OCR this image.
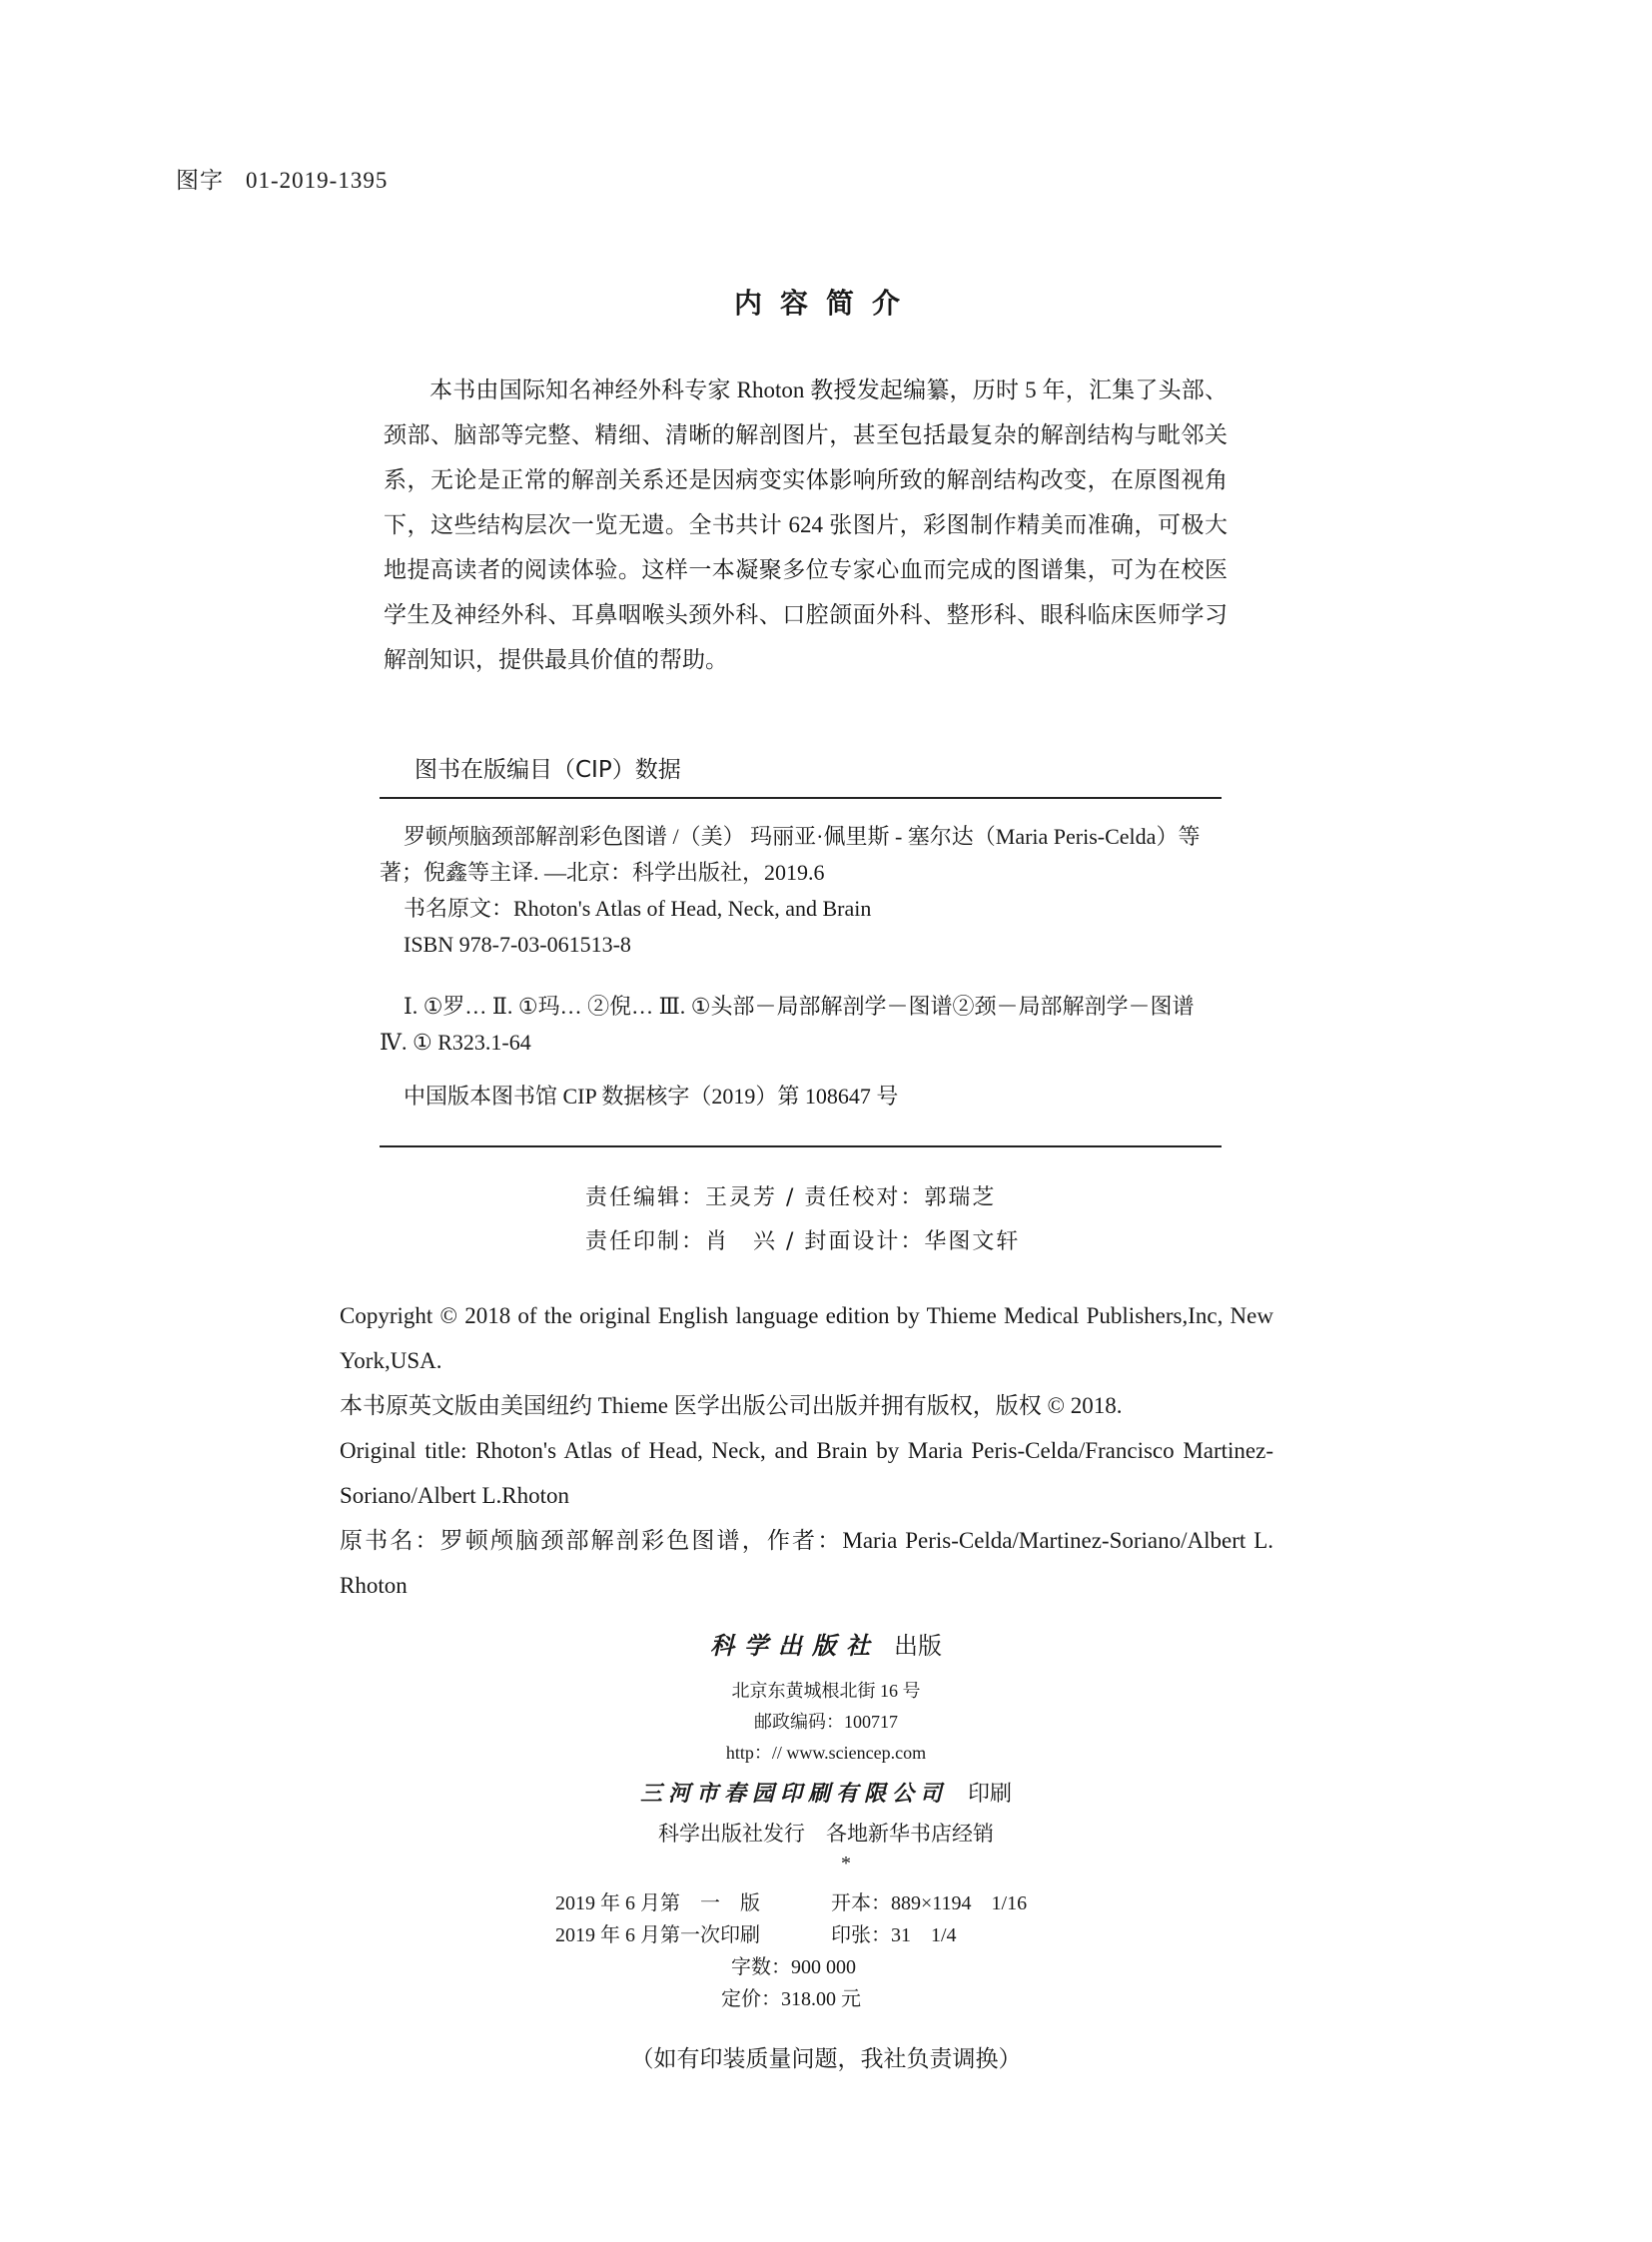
图字 01-2019-1395
内容简介

本书由国际知名神经外科专家 Rhoton 教授发起编纂，历时 5 年，汇集了头部、颈部、脑部等完整、精细、清晰的解剖图片，甚至包括最复杂的解剖结构与毗邻关系，无论是正常的解剖关系还是因病变实体影响所致的解剖结构改变，在原图视角下，这些结构层次一览无遗。全书共计 624 张图片，彩图制作精美而准确，可极大地提高读者的阅读体验。这样一本凝聚多位专家心血而完成的图谱集，可为在校医学生及神经外科、耳鼻咽喉头颈外科、口腔颌面外科、整形科、眼科临床医师学习解剖知识，提供最具价值的帮助。

图书在版编目（CIP）数据

罗顿颅脑颈部解剖彩色图谱 /（美） 玛丽亚·佩里斯 - 塞尔达（Maria Peris-Celda）等著；倪鑫等主译. —北京：科学出版社，2019.6

书名原文：Rhoton's Atlas of Head, Neck, and Brain

ISBN 978-7-03-061513-8

Ⅰ. ①罗… Ⅱ. ①玛… ②倪… Ⅲ. ①头部－局部解剖学－图谱②颈－局部解剖学－图谱 Ⅳ. ① R323.1-64

中国版本图书馆 CIP 数据核字（2019）第 108647 号

责任编辑：王灵芳 / 责任校对：郭瑞芝
责任印制：肖　兴 / 封面设计：华图文轩

Copyright © 2018 of the original English language edition by Thieme Medical Publishers,Inc, New York,USA.

本书原英文版由美国纽约 Thieme 医学出版公司出版并拥有版权，版权 © 2018.

Original title: Rhoton's Atlas of Head, Neck, and Brain by Maria Peris-Celda/Francisco Martinez-Soriano/Albert L.Rhoton

原书名：罗顿颅脑颈部解剖彩色图谱，作者：Maria Peris-Celda/Martinez-Soriano/Albert L. Rhoton

科学出版社 出版
北京东黄城根北街 16 号
邮政编码：100717
http：// www.sciencep.com
三河市春园印刷有限公司 印刷
科学出版社发行　各地新华书店经销
*
2019 年 6 月第　一　版	开本：889×1194　1/16
2019 年 6 月第一次印刷	印张：31　1/4
字数：900 000
定价：318.00 元
（如有印装质量问题，我社负责调换）
